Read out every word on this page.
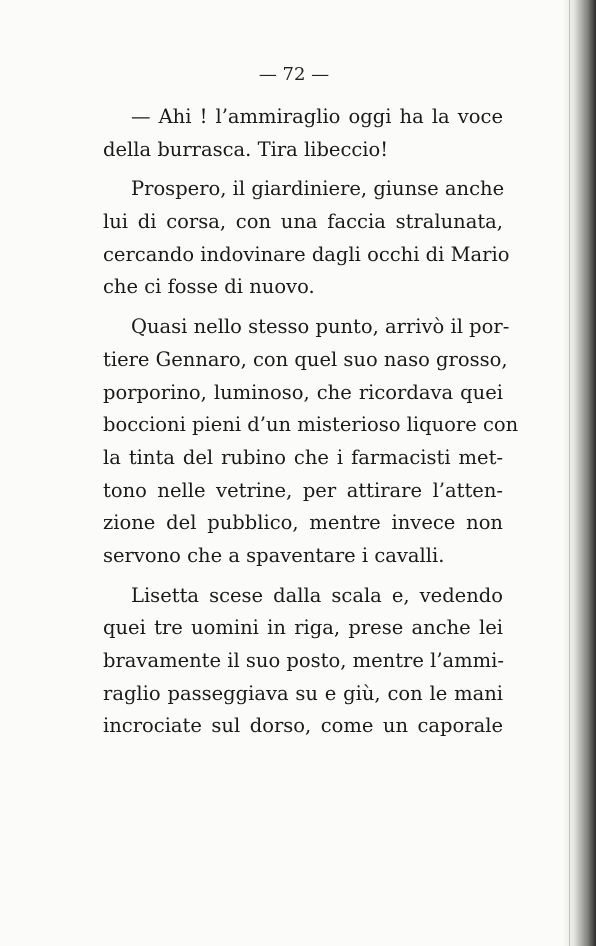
— 72 —
— Ahi ! l’ammiraglio oggi ha la voce
della burrasca. Tira libeccio!
Prospero, il giardiniere, giunse anche
lui di corsa, con una faccia stralunata,
cercando indovinare dagli occhi di Mario
che ci fosse di nuovo.
Quasi nello stesso punto, arrivò il por-
tiere Gennaro, con quel suo naso grosso,
porporino, luminoso, che ricordava quei
boccioni pieni d’un misterioso liquore con
la tinta del rubino che i farmacisti met-
tono nelle vetrine, per attirare l’atten-
zione del pubblico, mentre invece non
servono che a spaventare i cavalli.
Lisetta scese dalla scala e, vedendo
quei tre uomini in riga, prese anche lei
bravamente il suo posto, mentre l’ammi-
raglio passeggiava su e giù, con le mani
incrociate sul dorso, come un caporale
